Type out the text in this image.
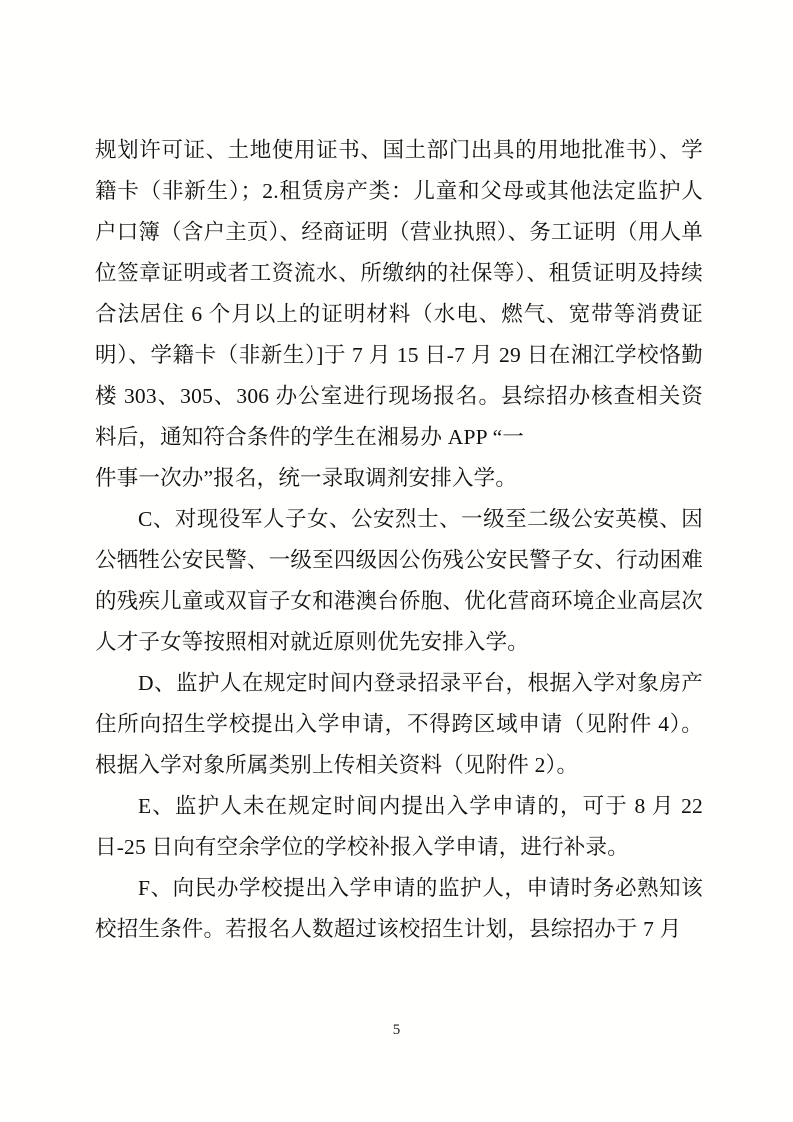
规划许可证、土地使用证书、国土部门出具的用地批准书）、学籍卡（非新生）；2.租赁房产类：儿童和父母或其他法定监护人户口簿（含户主页）、经商证明（营业执照）、务工证明（用人单位签章证明或者工资流水、所缴纳的社保等）、租赁证明及持续合法居住 6 个月以上的证明材料（水电、燃气、宽带等消费证明）、学籍卡（非新生）]于 7 月 15 日-7 月 29 日在湘江学校恪勤楼 303、305、306 办公室进行现场报名。县综招办核查相关资料后，通知符合条件的学生在湘易办 APP “一

件事一次办”报名，统一录取调剂安排入学。

C、对现役军人子女、公安烈士、一级至二级公安英模、因公牺牲公安民警、一级至四级因公伤残公安民警子女、行动困难的残疾儿童或双盲子女和港澳台侨胞、优化营商环境企业高层次人才子女等按照相对就近原则优先安排入学。

D、监护人在规定时间内登录招录平台，根据入学对象房产住所向招生学校提出入学申请，不得跨区域申请（见附件 4）。根据入学对象所属类别上传相关资料（见附件 2）。

E、监护人未在规定时间内提出入学申请的，可于 8 月 22 日-25 日向有空余学位的学校补报入学申请，进行补录。

F、向民办学校提出入学申请的监护人，申请时务必熟知该校招生条件。若报名人数超过该校招生计划，县综招办于 7 月

5
